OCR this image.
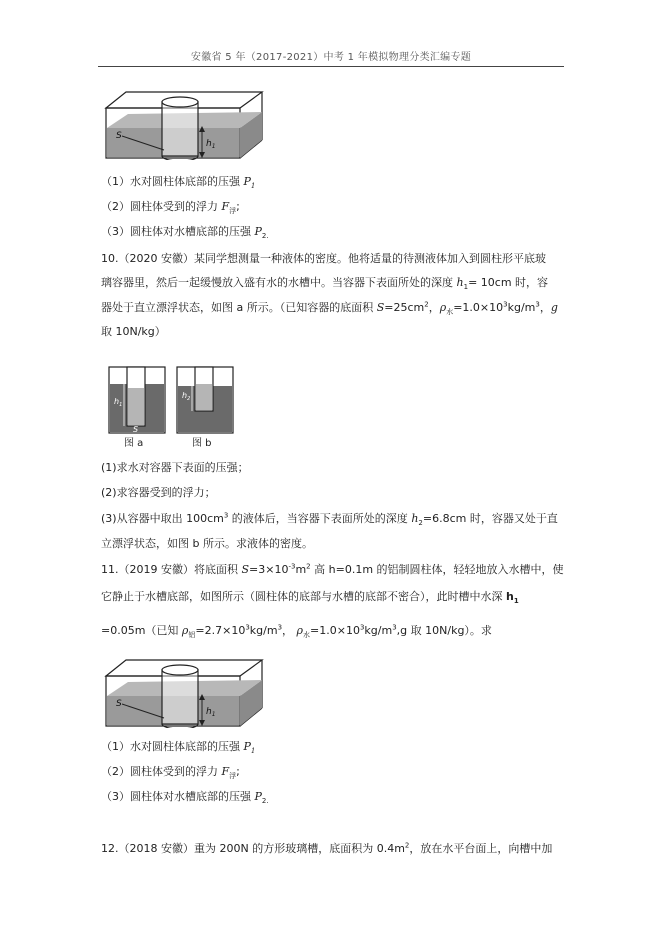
安徽省 5 年（2017-2021）中考 1 年模拟物理分类汇编专题
S
$h_1$
（1）水对圆柱体底部的压强 $P_1$
（2）圆柱体受到的浮力 $F_浮$;
（3）圆柱体对水槽底部的压强 $P_{2.}$
10.（2020 安徽）某同学想测量一种液体的密度。他将适量的待测液体加入到圆柱形平底玻
璃容器里，然后一起缓慢放入盛有水的水槽中。当容器下表面所处的深度 $h_1= 10cm$ 时，容
器处于直立漂浮状态，如图 a 所示。（已知容器的底面积 $S=25cm^2$，$\rho_水=1.0\times 10^3kg/m^3$，g
取 10N/kg）
$h_1$
S
图 a
$h_2$
图 b
(1)求水对容器下表面的压强；
(2)求容器受到的浮力；
(3)从容器中取出 $100cm^3$ 的液体后，当容器下表面所处的深度 $h_2=6.8cm$ 时，容器又处于直
立漂浮状态，如图 b 所示。求液体的密度。
11.（2019 安徽）将底面积 $S=3\times 10^{-3}m^2$ 高 h=0.1m 的铝制圆柱体，轻轻地放入水槽中，使
它静止于水槽底部，如图所示（圆柱体的底部与水槽的底部不密合），此时槽中水深 $h_1$
=0.05m（已知 $\rho_铝=2.7\times 10^3kg/m^3$， $\rho_水=1.0\times 10^3kg/m^3,g$ 取 10N/kg）。求
S
$h_1$
（1）水对圆柱体底部的压强 $P_1$
（2）圆柱体受到的浮力 $F_浮$;
（3）圆柱体对水槽底部的压强 $P_{2.}$
12.（2018 安徽）重为 200N 的方形玻璃槽，底面积为 $0.4m^2$，放在水平台面上，向槽中加
